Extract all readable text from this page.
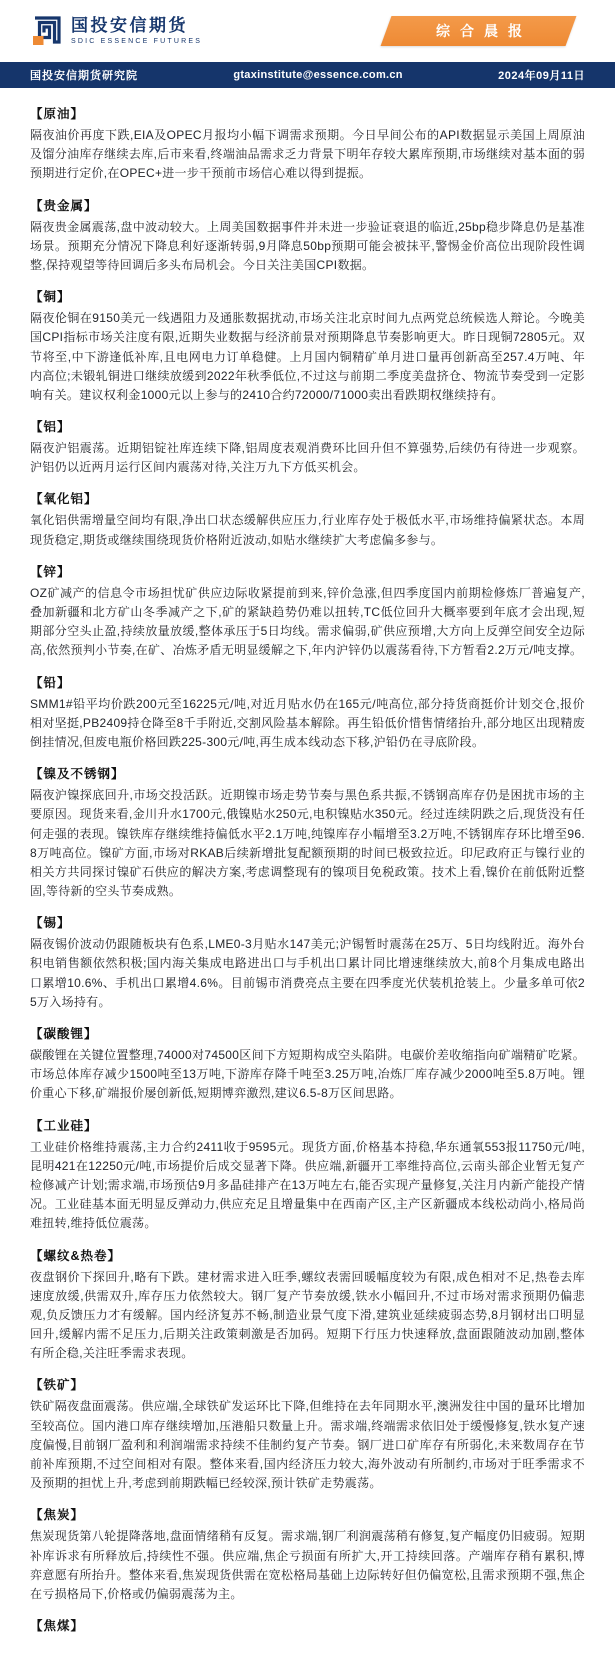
国投安信期货
SDIC ESSENCE FUTURES
综合晨报
国投安信期货研究院	gtaxinstitute@essence.com.cn	2024年09月11日
【原油】

隔夜油价再度下跌,EIA及OPEC月报均小幅下调需求预期。今日早间公布的API数据显示美国上周原油及馏分油库存继续去库,后市来看,终端油品需求乏力背景下明年存较大累库预期,市场继续对基本面的弱预期进行定价,在OPEC+进一步干预前市场信心难以得到提振。

【贵金属】

隔夜贵金属震荡,盘中波动较大。上周美国数据事件并未进一步验证衰退的临近,25bp稳步降息仍是基准场景。预期充分情况下降息利好逐渐转弱,9月降息50bp预期可能会被抹平,警惕金价高位出现阶段性调整,保持观望等待回调后多头布局机会。今日关注美国CPI数据。

【铜】

隔夜伦铜在9150美元一线遇阻力及通胀数据扰动,市场关注北京时间九点两党总统候选人辩论。今晚美国CPI指标市场关注度有限,近期失业数据与经济前景对预期降息节奏影响更大。昨日现铜72805元。双节将至,中下游逢低补库,且电网电力订单稳健。上月国内铜精矿单月进口量再创新高至257.4万吨、年内高位;未锻轧铜进口继续放缓到2022年秋季低位,不过这与前期二季度美盘挤仓、物流节奏受到一定影响有关。建议权利金1000元以上参与的2410合约72000/71000卖出看跌期权继续持有。

【铝】

隔夜沪铝震荡。近期铝锭社库连续下降,铝周度表观消费环比回升但不算强势,后续仍有待进一步观察。沪铝仍以近两月运行区间内震荡对待,关注万九下方低买机会。

【氧化铝】

氧化铝供需增量空间均有限,净出口状态缓解供应压力,行业库存处于极低水平,市场维持偏紧状态。本周现货稳定,期货或继续围绕现货价格附近波动,如贴水继续扩大考虑偏多参与。

【锌】

OZ矿减产的信息令市场担忧矿供应边际收紧提前到来,锌价急涨,但四季度国内前期检修炼厂普遍复产,叠加新疆和北方矿山冬季减产之下,矿的紧缺趋势仍难以扭转,TC低位回升大概率要到年底才会出现,短期部分空头止盈,持续放量放缓,整体承压于5日均线。需求偏弱,矿供应预增,大方向上反弹空间安全边际高,依然预判小节奏,在矿、冶炼矛盾无明显缓解之下,年内沪锌仍以震荡看待,下方暂看2.2万元/吨支撑。

【铅】

SMM1#铅平均价跌200元至16225元/吨,对近月贴水仍在165元/吨高位,部分持货商挺价计划交仓,报价相对坚挺,PB2409持仓降至8千手附近,交割风险基本解除。再生铅低价惜售情绪抬升,部分地区出现精废倒挂情况,但废电瓶价格回跌225-300元/吨,再生成本线动态下移,沪铅仍在寻底阶段。

【镍及不锈钢】

隔夜沪镍探底回升,市场交投活跃。近期镍市场走势节奏与黑色系共振,不锈钢高库存仍是困扰市场的主要原因。现货来看,金川升水1700元,俄镍贴水250元,电积镍贴水350元。经过连续阴跌之后,现货没有任何走强的表现。镍铁库存继续维持偏低水平2.1万吨,纯镍库存小幅增至3.2万吨,不锈钢库存环比增至96.8万吨高位。镍矿方面,市场对RKAB后续新增批复配额预期的时间已极致拉近。印尼政府正与镍行业的相关方共同探讨镍矿石供应的解决方案,考虑调整现有的镍项目免税政策。技术上看,镍价在前低附近整固,等待新的空头节奏成熟。

【锡】

隔夜锡价波动仍跟随板块有色系,LME0-3月贴水147美元;沪锡暂时震荡在25万、5日均线附近。海外台积电销售额依然积极;国内海关集成电路进出口与手机出口累计同比增速继续放大,前8个月集成电路出口累增10.6%、手机出口累增4.6%。目前锡市消费亮点主要在四季度光伏装机抢装上。少量多单可依25万入场持有。

【碳酸锂】

碳酸锂在关键位置整理,74000对74500区间下方短期构成空头陷阱。电碳价差收缩指向矿端精矿吃紧。市场总体库存减少1500吨至13万吨,下游库存降千吨至3.25万吨,冶炼厂库存减少2000吨至5.8万吨。锂价重心下移,矿端报价屡创新低,短期博弈激烈,建议6.5-8万区间思路。

【工业硅】

工业硅价格维持震荡,主力合约2411收于9595元。现货方面,价格基本持稳,华东通氧553报11750元/吨,昆明421在12250元/吨,市场提价后成交显著下降。供应端,新疆开工率维持高位,云南头部企业暂无复产检修减产计划;需求端,市场预估9月多晶硅排产在13万吨左右,能否实现产量修复,关注月内新产能投产情况。工业硅基本面无明显反弹动力,供应充足且增量集中在西南产区,主产区新疆成本线松动尚小,格局尚难扭转,维持低位震荡。

【螺纹&热卷】

夜盘钢价下探回升,略有下跌。建材需求进入旺季,螺纹表需回暖幅度较为有限,成色相对不足,热卷去库速度放缓,供需双升,库存压力依然较大。钢厂复产节奏放缓,铁水小幅回升,不过市场对需求预期仍偏悲观,负反馈压力才有缓解。国内经济复苏不畅,制造业景气度下滑,建筑业延续疲弱态势,8月钢材出口明显回升,缓解内需不足压力,后期关注政策刺激是否加码。短期下行压力快速释放,盘面跟随波动加剧,整体有所企稳,关注旺季需求表现。

【铁矿】

铁矿隔夜盘面震荡。供应端,全球铁矿发运环比下降,但维持在去年同期水平,澳洲发往中国的量环比增加至较高位。国内港口库存继续增加,压港船只数量上升。需求端,终端需求依旧处于缓慢修复,铁水复产速度偏慢,目前钢厂盈利和利润端需求持续不佳制约复产节奏。钢厂进口矿库存有所弱化,未来数周存在节前补库预期,不过空间相对有限。整体来看,国内经济压力较大,海外波动有所制约,市场对于旺季需求不及预期的担忧上升,考虑到前期跌幅已经较深,预计铁矿走势震荡。

【焦炭】

焦炭现货第八轮提降落地,盘面情绪稍有反复。需求端,钢厂利润震荡稍有修复,复产幅度仍旧疲弱。短期补库诉求有所释放后,持续性不强。供应端,焦企亏损面有所扩大,开工持续回落。产端库存稍有累积,博弈意愿有所抬升。整体来看,焦炭现货供需在宽松格局基础上边际转好但仍偏宽松,且需求预期不强,焦企在亏损格局下,价格或仍偏弱震荡为主。

【焦煤】
